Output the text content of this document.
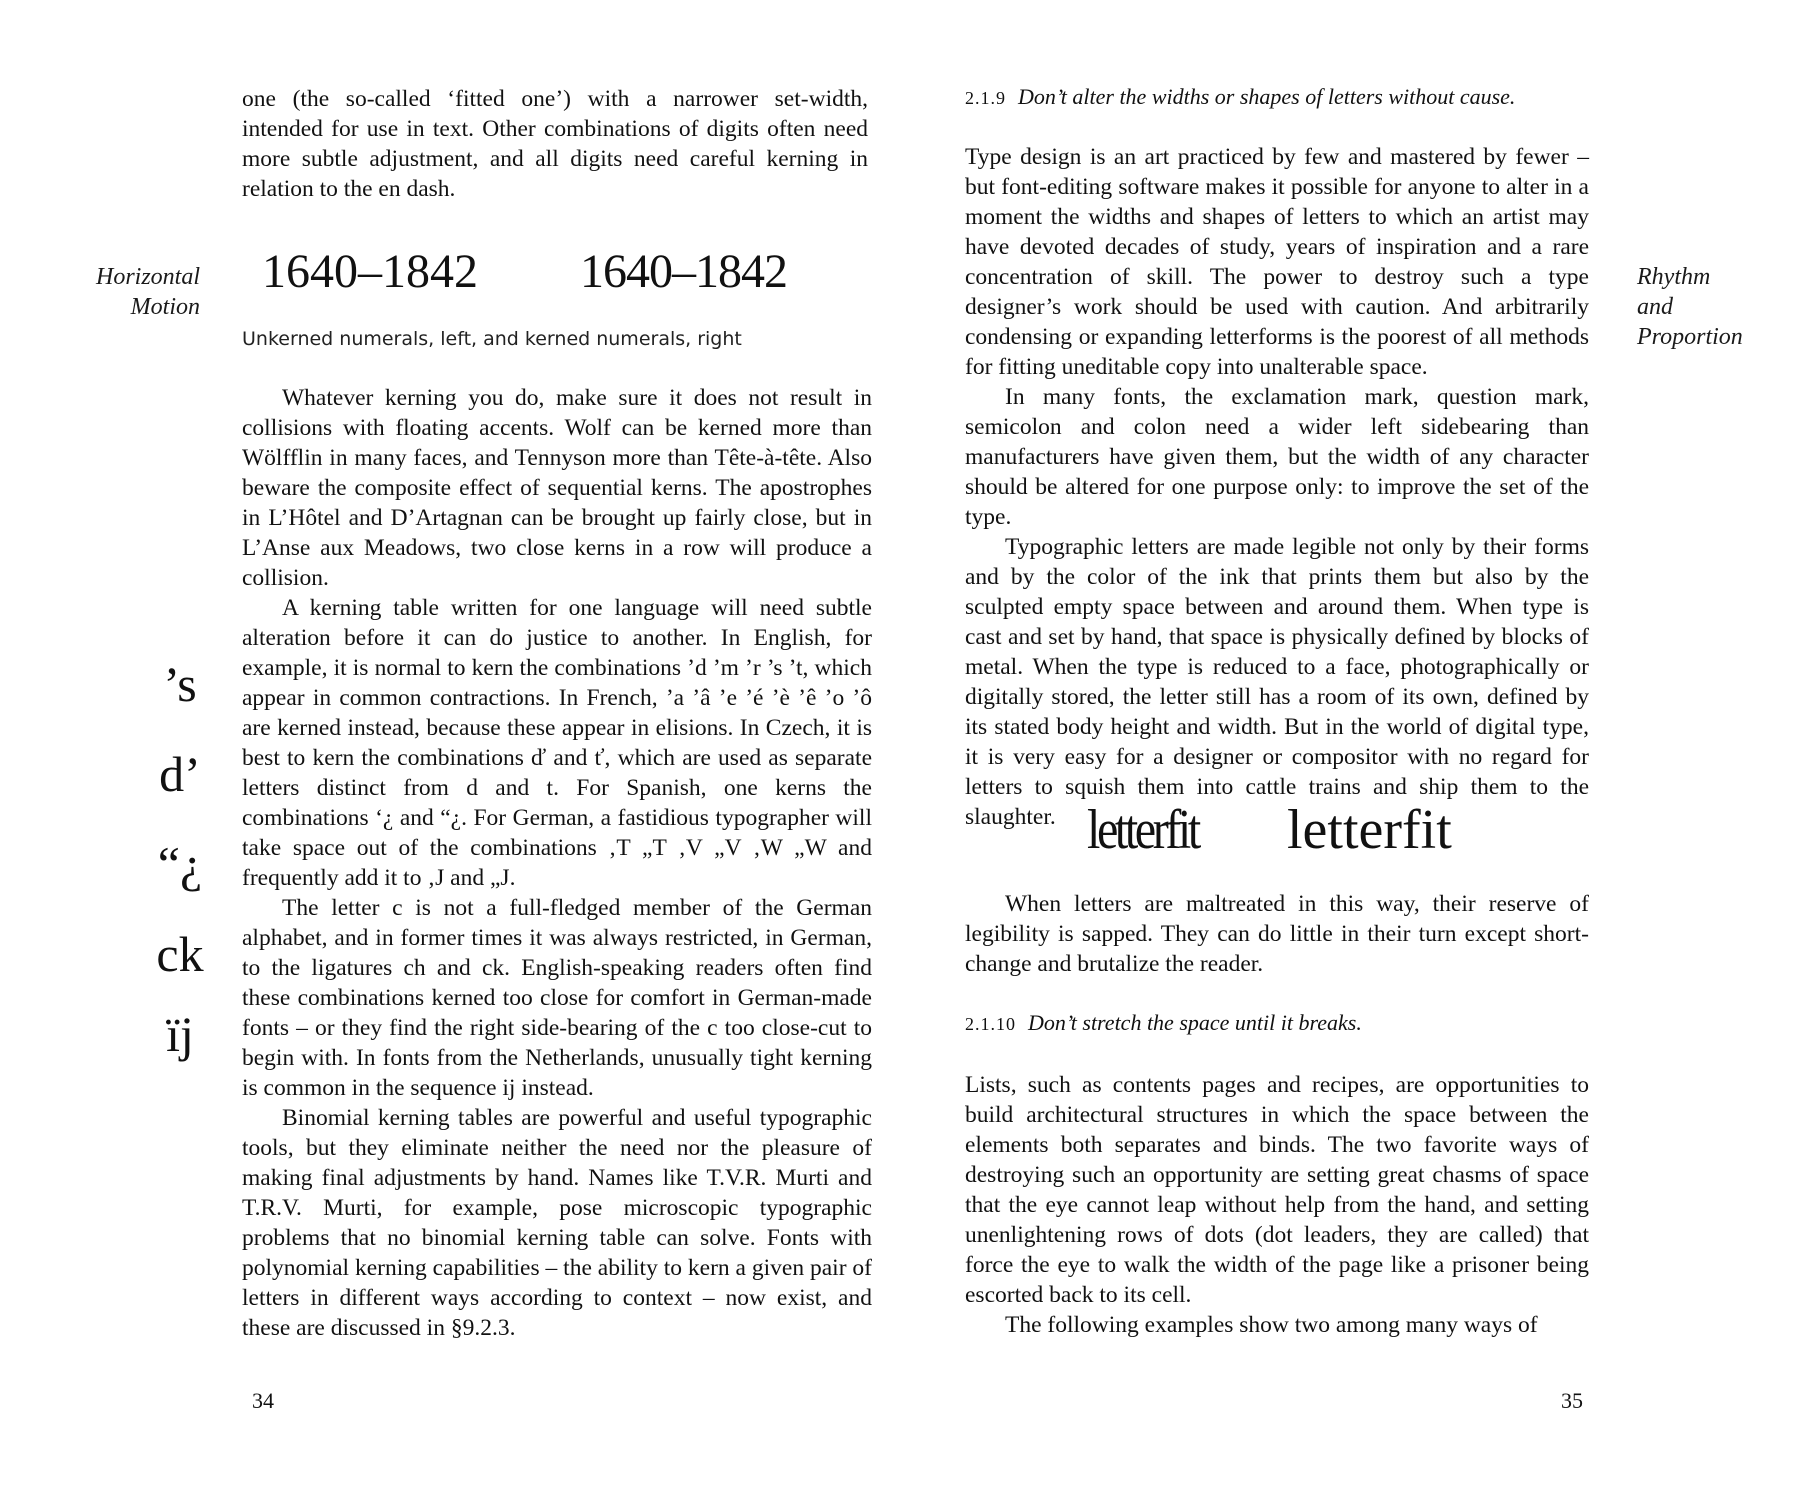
one (the so-called ‘fitted one’) with a narrower set-width, intended for use in text. Other combinations of digits often need more subtle adjustment, and all digits need careful kerning in relation to the en dash.

Horizontal
Motion
1640–1842 1640–1842
Unkerned numerals, left, and kerned numerals, right
’s
d’
“¿
ck
ïj

Whatever kerning you do, make sure it does not result in collisions with floating accents. Wolf can be kerned more than Wölfflin in many faces, and Tennyson more than Tête-à-tête. Also beware the composite effect of sequential kerns. The apostrophes in L’Hôtel and D’Artagnan can be brought up fairly close, but in L’Anse aux Meadows, two close kerns in a row will produce a collision.

A kerning table written for one language will need subtle alteration before it can do justice to another. In English, for example, it is normal to kern the combinations ’d ’m ’r ’s ’t, which appear in common contractions. In French, ’a ’â ’e ’é ’è ’ê ’o ’ô are kerned instead, because these appear in elisions. In Czech, it is best to kern the combinations ď and ť, which are used as separate letters distinct from d and t. For Spanish, one kerns the combinations ‘¿ and “¿. For German, a fastidious typographer will take space out of the combinations ‚T „T ‚V „V ‚W „W and frequently add it to ‚J and „J.

The letter c is not a full-fledged member of the German alphabet, and in former times it was always restricted, in German, to the ligatures ch and ck. English-speaking readers often find these combinations kerned too close for comfort in German-made fonts – or they find the right side-bearing of the c too close-cut to begin with. In fonts from the Netherlands, unusually tight kerning is common in the sequence ij instead.

Binomial kerning tables are powerful and useful typographic tools, but they eliminate neither the need nor the pleasure of making final adjustments by hand. Names like T.V.R. Murti and T.R.V. Murti, for example, pose microscopic typographic problems that no binomial kerning table can solve. Fonts with polynomial kerning capabilities – the ability to kern a given pair of letters in different ways according to context – now exist, and these are discussed in §9.2.3.

34
2.1.9 Don’t alter the widths or shapes of letters without cause.
Rhythm
and
Proportion

Type design is an art practiced by few and mastered by fewer – but font-editing software makes it possible for anyone to alter in a moment the widths and shapes of letters to which an artist may have devoted decades of study, years of inspiration and a rare concentration of skill. The power to destroy such a type designer’s work should be used with caution. And arbitrarily condensing or expanding letterforms is the poorest of all methods for fitting uneditable copy into unalterable space.

In many fonts, the exclamation mark, question mark, semicolon and colon need a wider left sidebearing than manufacturers have given them, but the width of any character should be altered for one purpose only: to improve the set of the type.

Typographic letters are made legible not only by their forms and by the color of the ink that prints them but also by the sculpted empty space between and around them. When type is cast and set by hand, that space is physically defined by blocks of metal. When the type is reduced to a face, photographically or digitally stored, the letter still has a room of its own, defined by its stated body height and width. But in the world of digital type, it is very easy for a designer or compositor with no regard for letters to squish them into cattle trains and ship them to the slaughter. letterfit letterfit

When letters are maltreated in this way, their reserve of legibility is sapped. They can do little in their turn except short-change and brutalize the reader.

2.1.10 Don’t stretch the space until it breaks.

Lists, such as contents pages and recipes, are opportunities to build architectural structures in which the space between the elements both separates and binds. The two favorite ways of destroying such an opportunity are setting great chasms of space that the eye cannot leap without help from the hand, and setting unenlightening rows of dots (dot leaders, they are called) that force the eye to walk the width of the page like a prisoner being escorted back to its cell.

The following examples show two among many ways of

35
